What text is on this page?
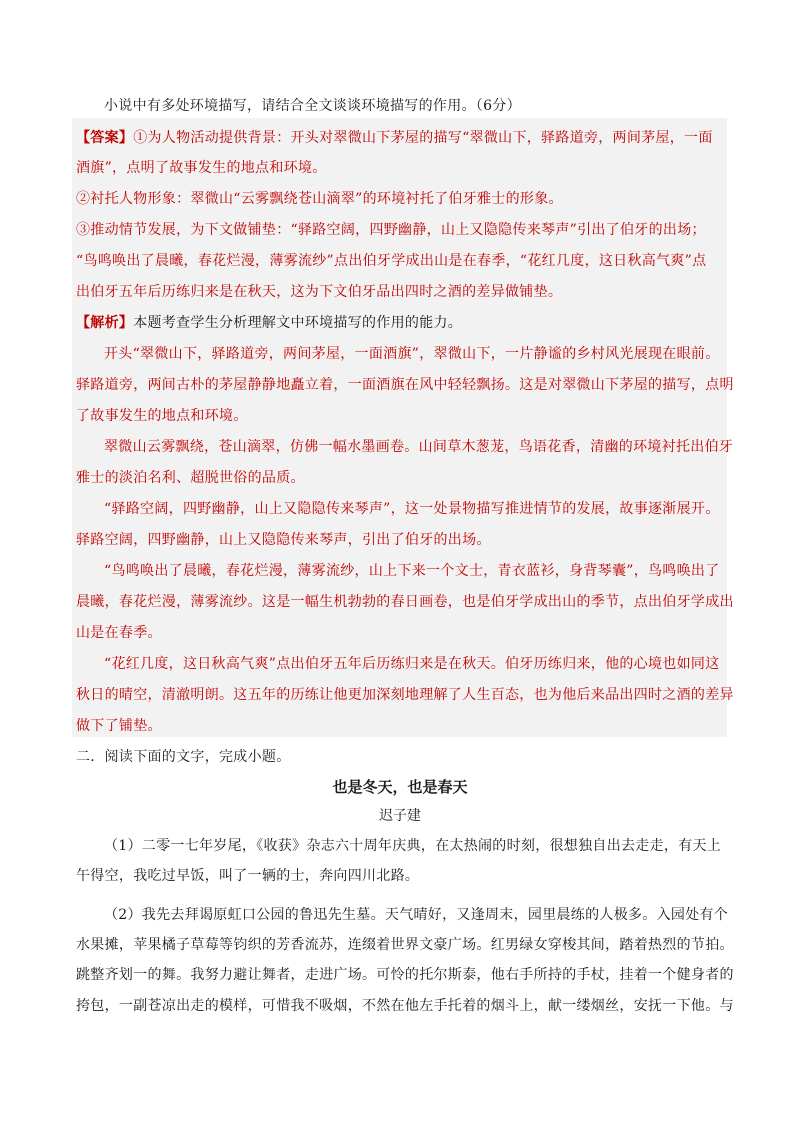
小说中有多处环境描写，请结合全文谈谈环境描写的作用。（6分）
【答案】①为人物活动提供背景：开头对翠微山下茅屋的描写“翠微山下，驿路道旁，两间茅屋，一面
酒旗”，点明了故事发生的地点和环境。
②衬托人物形象：翠微山“云雾飘绕苍山滴翠”的环境衬托了伯牙雅士的形象。
③推动情节发展，为下文做铺垫：“驿路空阔，四野幽静，山上又隐隐传来琴声”引出了伯牙的出场；
“鸟鸣唤出了晨曦，春花烂漫，薄雾流纱”点出伯牙学成出山是在春季，“花红几度，这日秋高气爽”点
出伯牙五年后历练归来是在秋天，这为下文伯牙品出四时之酒的差异做铺垫。
【解析】本题考查学生分析理解文中环境描写的作用的能力。
开头“翠微山下，驿路道旁，两间茅屋，一面酒旗”，翠微山下，一片静谧的乡村风光展现在眼前。
驿路道旁，两间古朴的茅屋静静地矗立着，一面酒旗在风中轻轻飘扬。这是对翠微山下茅屋的描写，点明
了故事发生的地点和环境。
翠微山云雾飘绕，苍山滴翠，仿佛一幅水墨画卷。山间草木葱茏，鸟语花香，清幽的环境衬托出伯牙
雅士的淡泊名利、超脱世俗的品质。
“驿路空阔，四野幽静，山上又隐隐传来琴声”，这一处景物描写推进情节的发展，故事逐渐展开。
驿路空阔，四野幽静，山上又隐隐传来琴声，引出了伯牙的出场。
“鸟鸣唤出了晨曦，春花烂漫，薄雾流纱，山上下来一个文士，青衣蓝衫，身背琴囊”，鸟鸣唤出了
晨曦，春花烂漫，薄雾流纱。这是一幅生机勃勃的春日画卷，也是伯牙学成出山的季节，点出伯牙学成出
山是在春季。
“花红几度，这日秋高气爽”点出伯牙五年后历练归来是在秋天。伯牙历练归来，他的心境也如同这
秋日的晴空，清澈明朗。这五年的历练让他更加深刻地理解了人生百态，也为他后来品出四时之酒的差异
做下了铺垫。
二．阅读下面的文字，完成小题。
也是冬天，也是春天
迟子建
（1）二零一七年岁尾，《收获》杂志六十周年庆典，在太热闹的时刻，很想独自出去走走，有天上
午得空，我吃过早饭，叫了一辆的士，奔向四川北路。
（2）我先去拜谒原虹口公园的鲁迅先生墓。天气晴好，又逢周末，园里晨练的人极多。入园处有个
水果摊，苹果橘子草莓等钧织的芳香流苏，连缀着世界文豪广场。红男绿女穿梭其间，踏着热烈的节拍。
跳整齐划一的舞。我努力避让舞者，走进广场。可怜的托尔斯泰，他右手所持的手杖，挂着一个健身者的
挎包，一副苍凉出走的模样，可惜我不吸烟，不然在他左手托着的烟斗上，献一缕烟丝，安抚一下他。与
